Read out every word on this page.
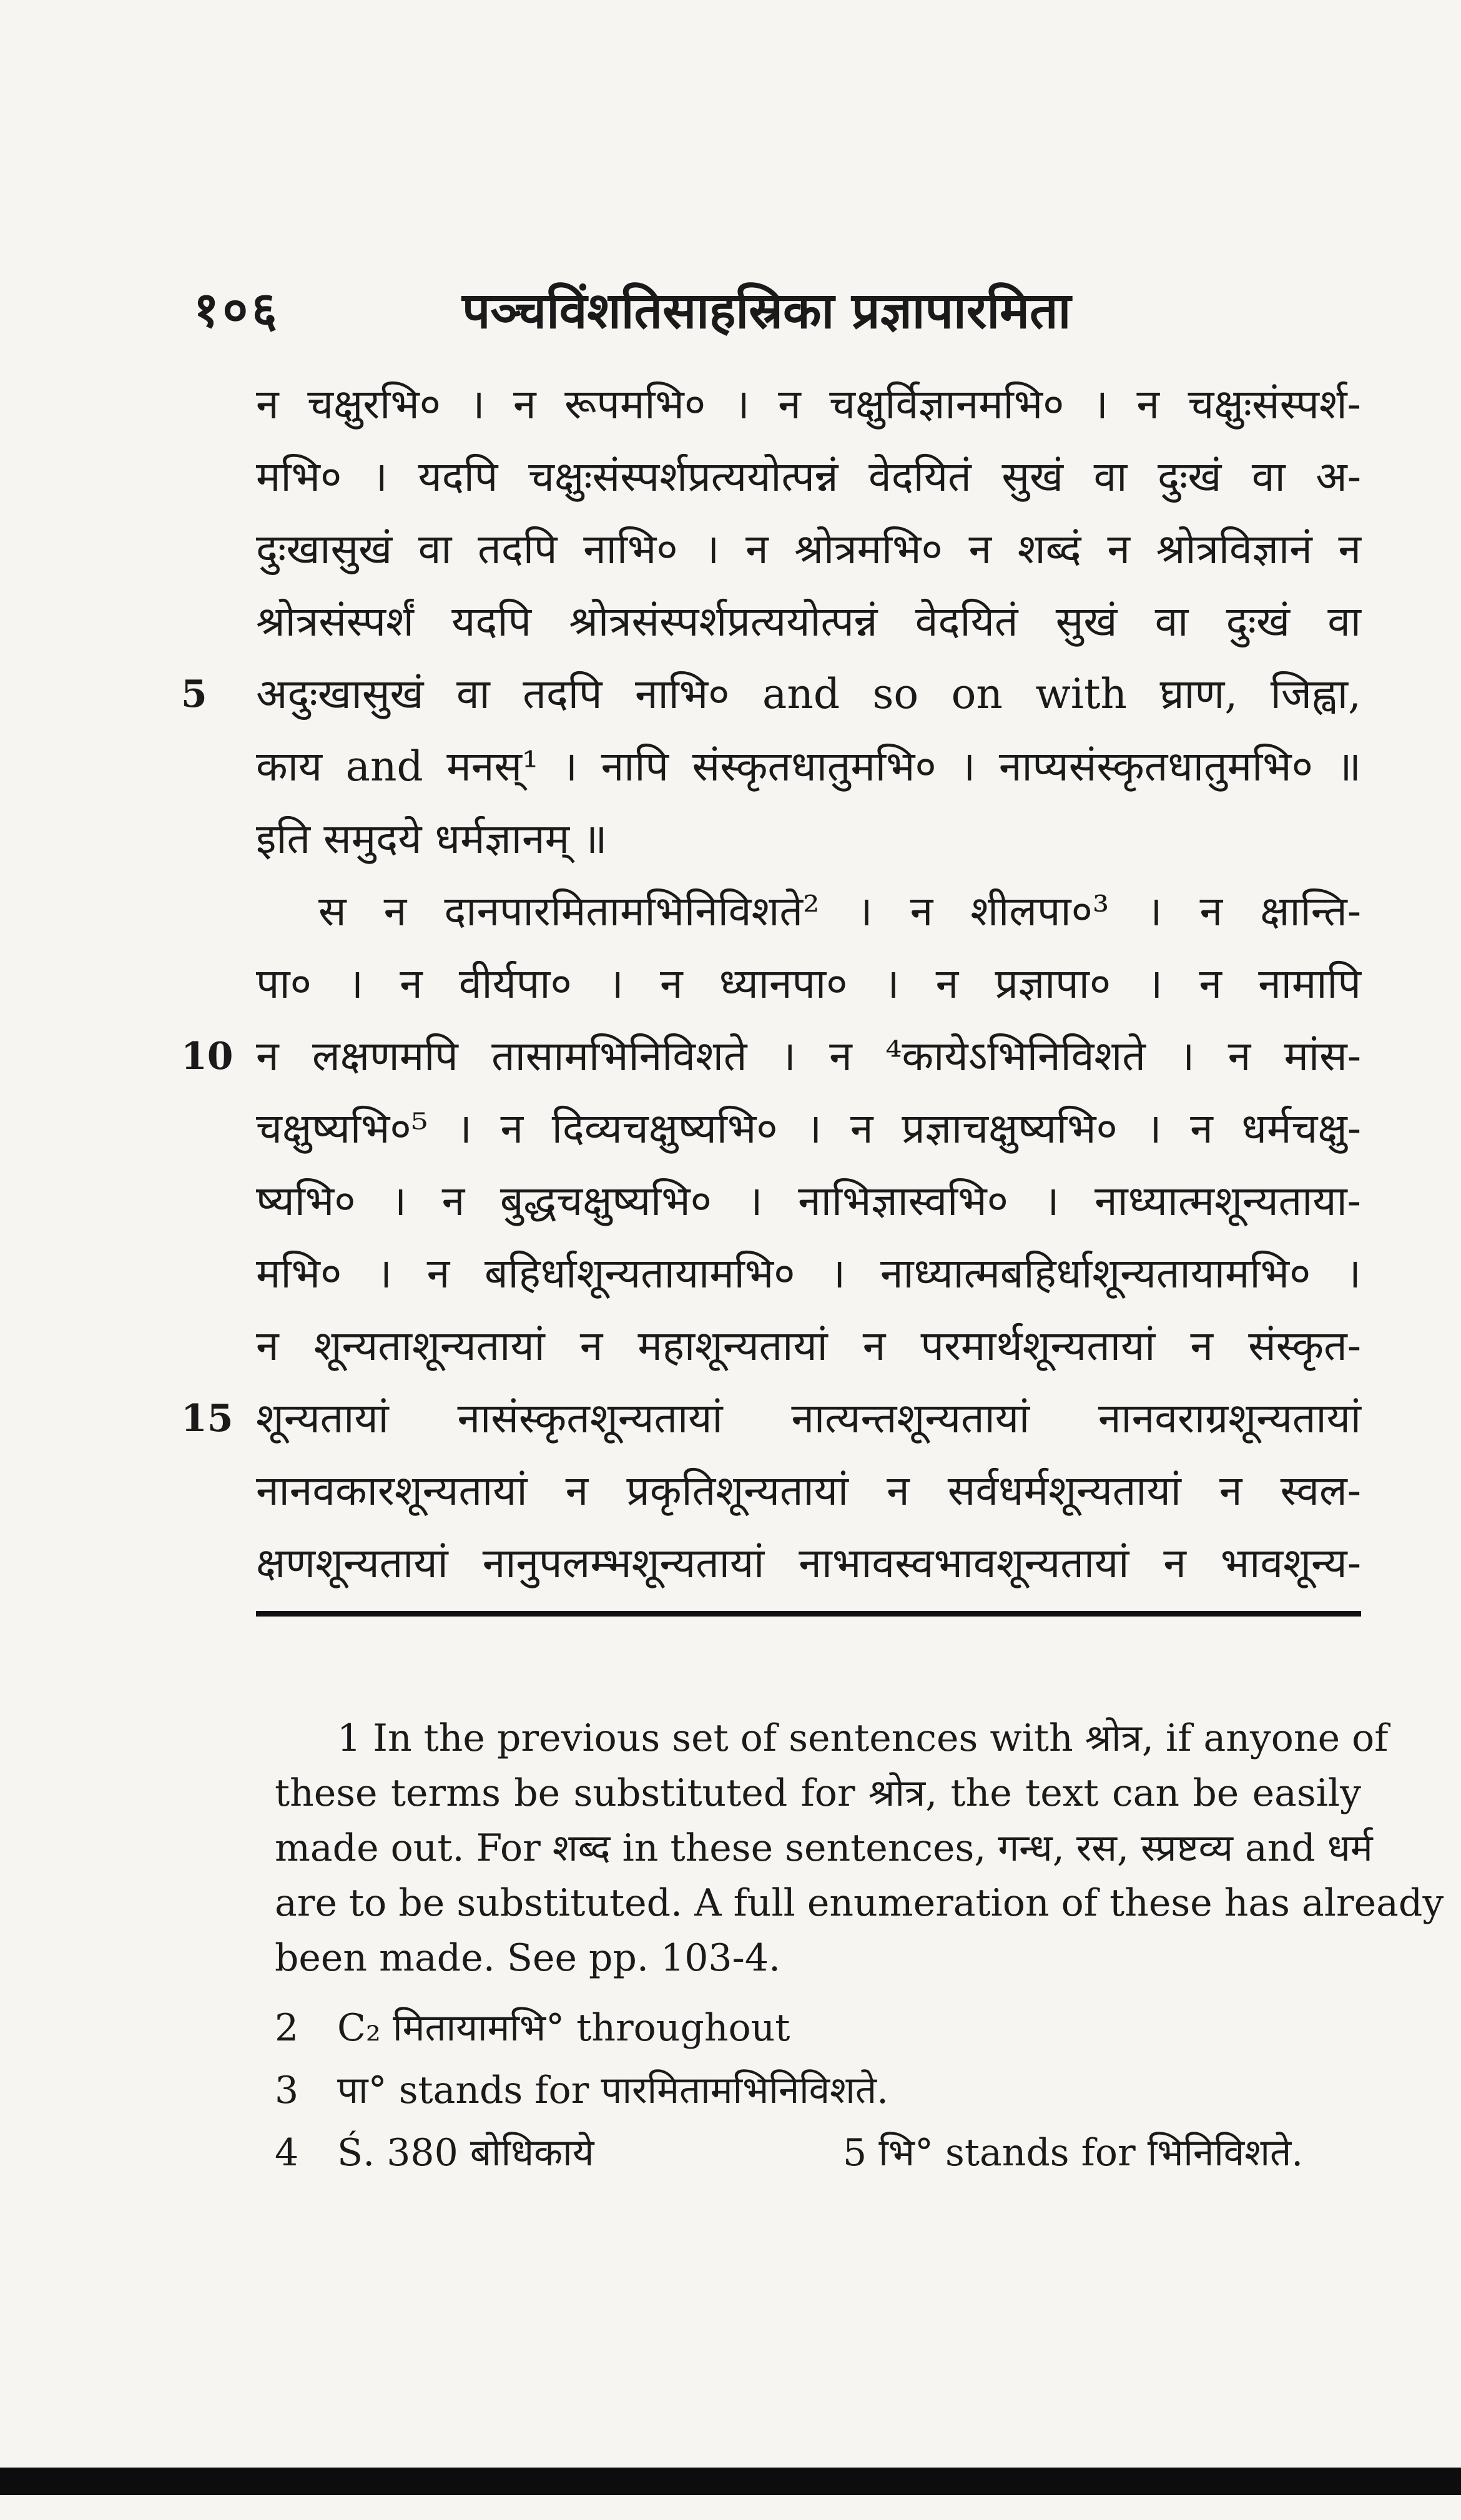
१०६	पञ्चविंशतिसाहस्रिका प्रज्ञापारमिता
न चक्षुरभि० । न रूपमभि० । न चक्षुर्विज्ञानमभि० । न चक्षुःसंस्पर्श-
मभि० । यदपि चक्षुःसंस्पर्शप्रत्ययोत्पन्नं वेदयितं सुखं वा दुःखं वा अ-
दुःखासुखं वा तदपि नाभि० । न श्रोत्रमभि० न शब्दं न श्रोत्रविज्ञानं न
श्रोत्रसंस्पर्शं यदपि श्रोत्रसंस्पर्शप्रत्ययोत्पन्नं वेदयितं सुखं वा दुःखं वा
5 अदुःखासुखं वा तदपि नाभि० and so on with घ्राण, जिह्वा,
काय and मनस्¹ । नापि संस्कृतधातुमभि० । नाप्यसंस्कृतधातुमभि० ॥
इति समुदये धर्मज्ञानम् ॥
स न दानपारमितामभिनिविशते² । न शीलपा०³ । न क्षान्ति-
पा० । न वीर्यपा० । न ध्यानपा० । न प्रज्ञापा० । न नामापि
10 न लक्षणमपि तासामभिनिविशते । न ⁴कायेऽभिनिविशते । न मांस-
चक्षुष्यभि०⁵ । न दिव्यचक्षुष्यभि० । न प्रज्ञाचक्षुष्यभि० । न धर्मचक्षु-
ष्यभि० । न बुद्धचक्षुष्यभि० । नाभिज्ञास्वभि० । नाध्यात्मशून्यताया-
मभि० । न बहिर्धाशून्यतायामभि० । नाध्यात्मबहिर्धाशून्यतायामभि० ।
न शून्यताशून्यतायां न महाशून्यतायां न परमार्थशून्यतायां न संस्कृत-
15 शून्यतायां नासंस्कृतशून्यतायां नात्यन्तशून्यतायां नानवराग्रशून्यतायां
नानवकारशून्यतायां न प्रकृतिशून्यतायां न सर्वधर्मशून्यतायां न स्वल-
क्षणशून्यतायां नानुपलम्भशून्यतायां नाभावस्वभावशून्यतायां न भावशून्य-
1 In the previous set of sentences with श्रोत्र, if anyone of
these terms be substituted for श्रोत्र, the text can be easily
made out. For शब्द in these sentences, गन्ध, रस, स्प्रष्टव्य and धर्म
are to be substituted. A full enumeration of these has already
been made. See pp. 103-4.
2	C₂ मितायामभि° throughout
3	पा° stands for पारमितामभिनिविशते.
4	Ś. 380 बोधिकाये	5 भि° stands for भिनिविशते.
